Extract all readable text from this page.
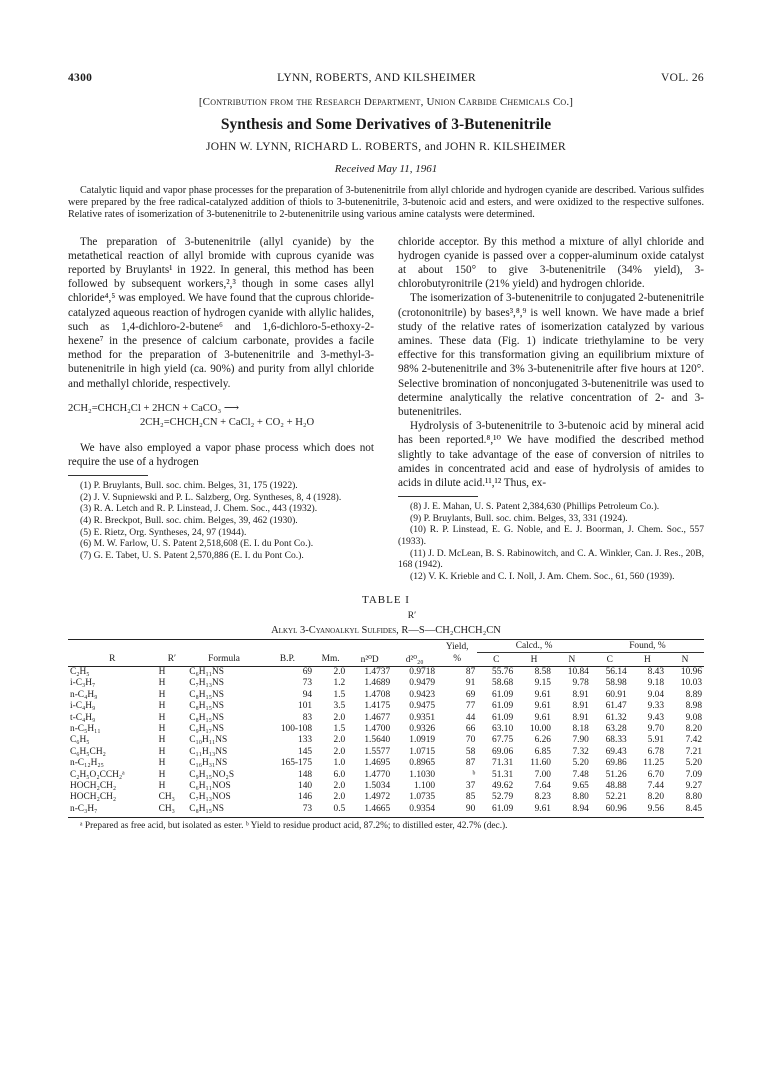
4300	LYNN, ROBERTS, AND KILSHEIMER	VOL. 26
[Contribution from the Research Department, Union Carbide Chemicals Co.]
Synthesis and Some Derivatives of 3-Butenenitrile
JOHN W. LYNN, RICHARD L. ROBERTS, and JOHN R. KILSHEIMER
Received May 11, 1961
Catalytic liquid and vapor phase processes for the preparation of 3-butenenitrile from allyl chloride and hydrogen cyanide are described. Various sulfides were prepared by the free radical-catalyzed addition of thiols to 3-butenenitrile, 3-butenoic acid and esters, and were oxidized to the respective sulfones. Relative rates of isomerization of 3-butenenitrile to 2-butenenitrile using various amine catalysts were determined.

The preparation of 3-butenenitrile (allyl cyanide) by the metathetical reaction of allyl bromide with cuprous cyanide was reported by Bruylants¹ in 1922. In general, this method has been followed by subsequent workers,²,³ though in some cases allyl chloride⁴,⁵ was employed. We have found that the cuprous chloride-catalyzed aqueous reaction of hydrogen cyanide with allylic halides, such as 1,4-dichloro-2-butene⁶ and 1,6-dichloro-5-ethoxy-2-hexene⁷ in the presence of calcium carbonate, provides a facile method for the preparation of 3-butenenitrile and 3-methyl-3-butenenitrile in high yield (ca. 90%) and purity from allyl chloride and methallyl chloride, respectively.

2CH₂=CHCH₂Cl + 2HCN + CaCO₃ ⟶
2CH₂=CHCH₂CN + CaCl₂ + CO₂ + H₂O

We have also employed a vapor phase process which does not require the use of a hydrogen

(1) P. Bruylants, Bull. soc. chim. Belges, 31, 175 (1922).

(2) J. V. Supniewski and P. L. Salzberg, Org. Syntheses, 8, 4 (1928).

(3) R. A. Letch and R. P. Linstead, J. Chem. Soc., 443 (1932).

(4) R. Breckpot, Bull. soc. chim. Belges, 39, 462 (1930).

(5) E. Rietz, Org. Syntheses, 24, 97 (1944).

(6) M. W. Farlow, U. S. Patent 2,518,608 (E. I. du Pont Co.).

(7) G. E. Tabet, U. S. Patent 2,570,886 (E. I. du Pont Co.).

chloride acceptor. By this method a mixture of allyl chloride and hydrogen cyanide is passed over a copper-aluminum oxide catalyst at about 150° to give 3-butenenitrile (34% yield), 3-chlorobutyronitrile (21% yield) and hydrogen chloride.

The isomerization of 3-butenenitrile to conjugated 2-butenenitrile (crotononitrile) by bases³,⁸,⁹ is well known. We have made a brief study of the relative rates of isomerization catalyzed by various amines. These data (Fig. 1) indicate triethylamine to be very effective for this transformation giving an equilibrium mixture of 98% 2-butenenitrile and 3% 3-butenenitrile after five hours at 120°. Selective bromination of nonconjugated 3-butenenitrile was used to determine analytically the relative concentration of 2- and 3-butenenitriles.

Hydrolysis of 3-butenenitrile to 3-butenoic acid by mineral acid has been reported.⁸,¹⁰ We have modified the described method slightly to take advantage of the ease of conversion of nitriles to amides in concentrated acid and ease of hydrolysis of amides to acids in dilute acid.¹¹,¹² Thus, ex-

(8) J. E. Mahan, U. S. Patent 2,384,630 (Phillips Petroleum Co.).

(9) P. Bruylants, Bull. soc. chim. Belges, 33, 331 (1924).

(10) R. P. Linstead, E. G. Noble, and E. J. Boorman, J. Chem. Soc., 557 (1933).

(11) J. D. McLean, B. S. Rabinowitch, and C. A. Winkler, Can. J. Res., 20B, 168 (1942).

(12) V. K. Krieble and C. I. Noll, J. Am. Chem. Soc., 61, 560 (1939).

TABLE I
R′
Alkyl 3-Cyanoalkyl Sulfides, R—S—CH₂CHCH₂CN
							Yield,	Calcd., %			Found, %		
R	R′	Formula	B.P.	Mm.	n²⁰D	d²⁰₂₀	%	C	H	N	C	H	N
C₂H₅	H	C₆H₁₁NS	69	2.0	1.4737	0.9718	87	55.76	8.58	10.84	56.14	8.43	10.96
i-C₃H₇	H	C₇H₁₃NS	73	1.2	1.4689	0.9479	91	58.68	9.15	9.78	58.98	9.18	10.03
n-C₄H₉	H	C₈H₁₅NS	94	1.5	1.4708	0.9423	69	61.09	9.61	8.91	60.91	9.04	8.89
i-C₄H₉	H	C₈H₁₅NS	101	3.5	1.4175	0.9475	77	61.09	9.61	8.91	61.47	9.33	8.98
t-C₄H₉	H	C₈H₁₅NS	83	2.0	1.4677	0.9351	44	61.09	9.61	8.91	61.32	9.43	9.08
n-C₅H₁₁	H	C₉H₁₇NS	100-108	1.5	1.4700	0.9326	66	63.10	10.00	8.18	63.28	9.70	8.20
C₆H₅	H	C₁₀H₁₁NS	133	2.0	1.5640	1.0919	70	67.75	6.26	7.90	68.33	5.91	7.42
C₆H₅CH₂	H	C₁₁H₁₃NS	145	2.0	1.5577	1.0715	58	69.06	6.85	7.32	69.43	6.78	7.21
n-C₁₂H₂₅	H	C₁₆H₃₁NS	165-175	1.0	1.4695	0.8965	87	71.31	11.60	5.20	69.86	11.25	5.20
C₂H₅O₂CCH₂ᵃ	H	C₉H₁₅NO₂S	148	6.0	1.4770	1.1030	ᵇ	51.31	7.00	7.48	51.26	6.70	7.09
HOCH₂CH₂	H	C₆H₁₁NOS	140	2.0	1.5034	1.100	37	49.62	7.64	9.65	48.88	7.44	9.27
HOCH₂CH₂	CH₃	C₇H₁₃NOS	146	2.0	1.4972	1.0735	85	52.79	8.23	8.80	52.21	8.20	8.80
n-C₃H₇	CH₃	C₈H₁₅NS	73	0.5	1.4665	0.9354	90	61.09	9.61	8.94	60.96	9.56	8.45
ᵃ Prepared as free acid, but isolated as ester. ᵇ Yield to residue product acid, 87.2%; to distilled ester, 42.7% (dec.).
